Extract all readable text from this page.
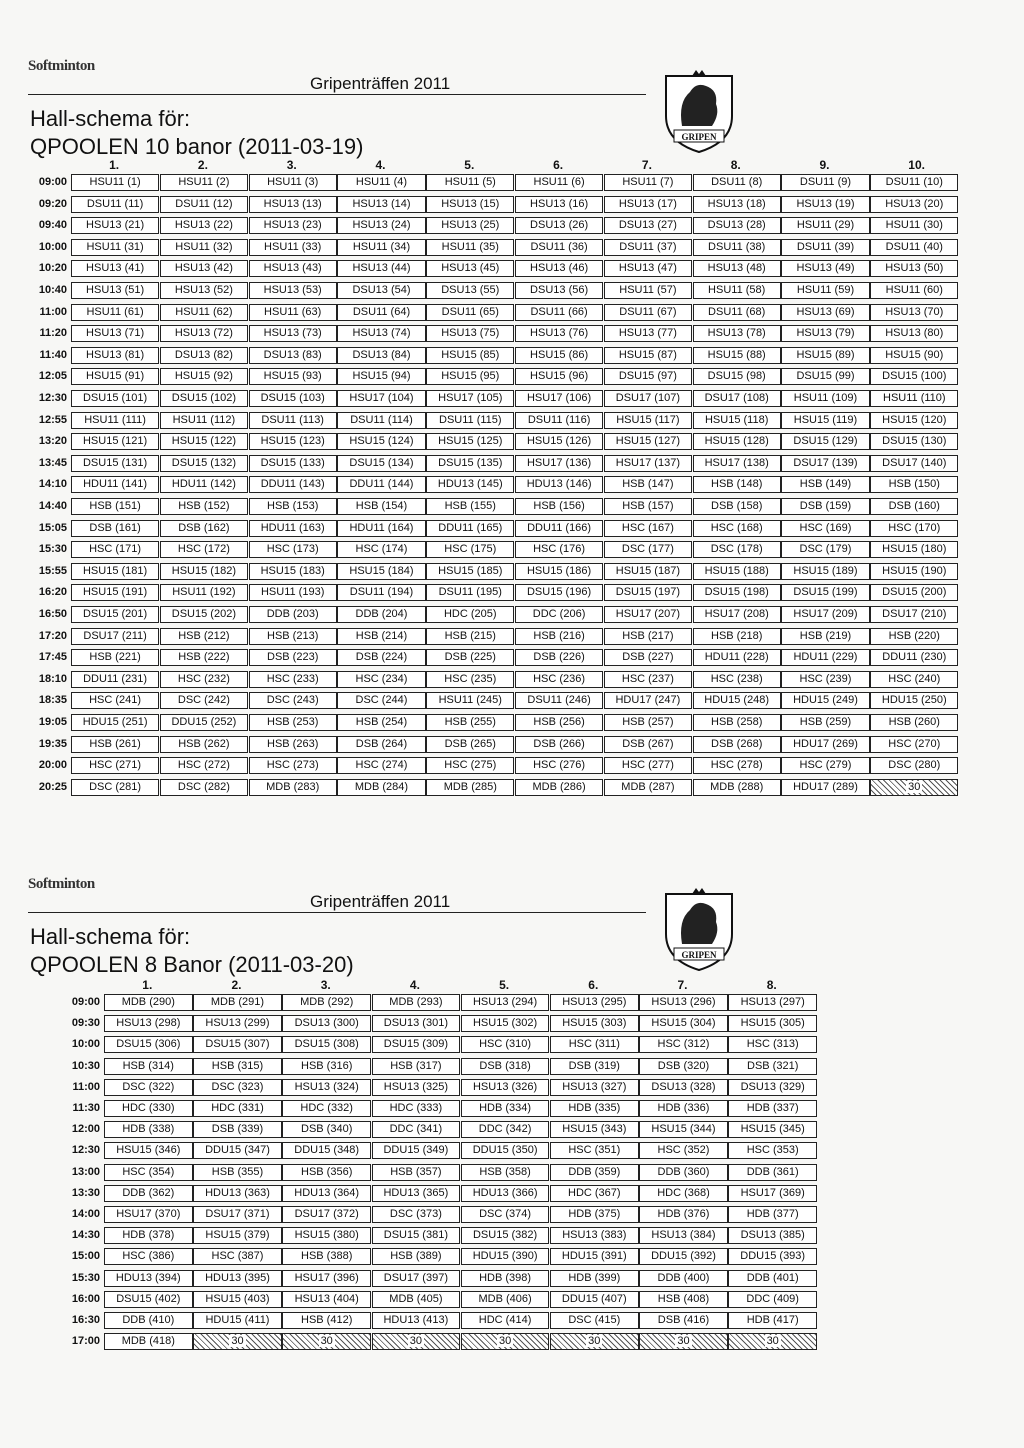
Softminton
Gripenträffen 2011
GRIPEN
Hall-schema för:
QPOOLEN 10 banor (2011-03-19)
1.	2.	3.	4.	5.	6.	7.	8.	9.	10.
09:00	HSU11 (1)	HSU11 (2)	HSU11 (3)	HSU11 (4)	HSU11 (5)	HSU11 (6)	HSU11 (7)	DSU11 (8)	DSU11 (9)	DSU11 (10)
09:20	DSU11 (11)	DSU11 (12)	HSU13 (13)	HSU13 (14)	HSU13 (15)	HSU13 (16)	HSU13 (17)	HSU13 (18)	HSU13 (19)	HSU13 (20)
09:40	HSU13 (21)	HSU13 (22)	HSU13 (23)	HSU13 (24)	HSU13 (25)	DSU13 (26)	DSU13 (27)	DSU13 (28)	HSU11 (29)	HSU11 (30)
10:00	HSU11 (31)	HSU11 (32)	HSU11 (33)	HSU11 (34)	HSU11 (35)	DSU11 (36)	DSU11 (37)	DSU11 (38)	DSU11 (39)	DSU11 (40)
10:20	HSU13 (41)	HSU13 (42)	HSU13 (43)	HSU13 (44)	HSU13 (45)	HSU13 (46)	HSU13 (47)	HSU13 (48)	HSU13 (49)	HSU13 (50)
10:40	HSU13 (51)	HSU13 (52)	HSU13 (53)	DSU13 (54)	DSU13 (55)	DSU13 (56)	HSU11 (57)	HSU11 (58)	HSU11 (59)	HSU11 (60)
11:00	HSU11 (61)	HSU11 (62)	HSU11 (63)	DSU11 (64)	DSU11 (65)	DSU11 (66)	DSU11 (67)	DSU11 (68)	HSU13 (69)	HSU13 (70)
11:20	HSU13 (71)	HSU13 (72)	HSU13 (73)	HSU13 (74)	HSU13 (75)	HSU13 (76)	HSU13 (77)	HSU13 (78)	HSU13 (79)	HSU13 (80)
11:40	HSU13 (81)	DSU13 (82)	DSU13 (83)	DSU13 (84)	HSU15 (85)	HSU15 (86)	HSU15 (87)	HSU15 (88)	HSU15 (89)	HSU15 (90)
12:05	HSU15 (91)	HSU15 (92)	HSU15 (93)	HSU15 (94)	HSU15 (95)	HSU15 (96)	DSU15 (97)	DSU15 (98)	DSU15 (99)	DSU15 (100)
12:30	DSU15 (101)	DSU15 (102)	DSU15 (103)	HSU17 (104)	HSU17 (105)	HSU17 (106)	DSU17 (107)	DSU17 (108)	HSU11 (109)	HSU11 (110)
12:55	HSU11 (111)	HSU11 (112)	DSU11 (113)	DSU11 (114)	DSU11 (115)	DSU11 (116)	HSU15 (117)	HSU15 (118)	HSU15 (119)	HSU15 (120)
13:20	HSU15 (121)	HSU15 (122)	HSU15 (123)	HSU15 (124)	HSU15 (125)	HSU15 (126)	HSU15 (127)	HSU15 (128)	DSU15 (129)	DSU15 (130)
13:45	DSU15 (131)	DSU15 (132)	DSU15 (133)	DSU15 (134)	DSU15 (135)	HSU17 (136)	HSU17 (137)	HSU17 (138)	DSU17 (139)	DSU17 (140)
14:10	HDU11 (141)	HDU11 (142)	DDU11 (143)	DDU11 (144)	HDU13 (145)	HDU13 (146)	HSB (147)	HSB (148)	HSB (149)	HSB (150)
14:40	HSB (151)	HSB (152)	HSB (153)	HSB (154)	HSB (155)	HSB (156)	HSB (157)	DSB (158)	DSB (159)	DSB (160)
15:05	DSB (161)	DSB (162)	HDU11 (163)	HDU11 (164)	DDU11 (165)	DDU11 (166)	HSC (167)	HSC (168)	HSC (169)	HSC (170)
15:30	HSC (171)	HSC (172)	HSC (173)	HSC (174)	HSC (175)	HSC (176)	DSC (177)	DSC (178)	DSC (179)	HSU15 (180)
15:55	HSU15 (181)	HSU15 (182)	HSU15 (183)	HSU15 (184)	HSU15 (185)	HSU15 (186)	HSU15 (187)	HSU15 (188)	HSU15 (189)	HSU15 (190)
16:20	HSU15 (191)	HSU11 (192)	HSU11 (193)	DSU11 (194)	DSU11 (195)	DSU15 (196)	DSU15 (197)	DSU15 (198)	DSU15 (199)	DSU15 (200)
16:50	DSU15 (201)	DSU15 (202)	DDB (203)	DDB (204)	HDC (205)	DDC (206)	HSU17 (207)	HSU17 (208)	HSU17 (209)	DSU17 (210)
17:20	DSU17 (211)	HSB (212)	HSB (213)	HSB (214)	HSB (215)	HSB (216)	HSB (217)	HSB (218)	HSB (219)	HSB (220)
17:45	HSB (221)	HSB (222)	DSB (223)	DSB (224)	DSB (225)	DSB (226)	DSB (227)	HDU11 (228)	HDU11 (229)	DDU11 (230)
18:10	DDU11 (231)	HSC (232)	HSC (233)	HSC (234)	HSC (235)	HSC (236)	HSC (237)	HSC (238)	HSC (239)	HSC (240)
18:35	HSC (241)	DSC (242)	DSC (243)	DSC (244)	HSU11 (245)	DSU11 (246)	HDU17 (247)	HDU15 (248)	HDU15 (249)	HDU15 (250)
19:05	HDU15 (251)	DDU15 (252)	HSB (253)	HSB (254)	HSB (255)	HSB (256)	HSB (257)	HSB (258)	HSB (259)	HSB (260)
19:35	HSB (261)	HSB (262)	HSB (263)	DSB (264)	DSB (265)	DSB (266)	DSB (267)	DSB (268)	HDU17 (269)	HSC (270)
20:00	HSC (271)	HSC (272)	HSC (273)	HSC (274)	HSC (275)	HSC (276)	HSC (277)	HSC (278)	HSC (279)	DSC (280)
20:25	DSC (281)	DSC (282)	MDB (283)	MDB (284)	MDB (285)	MDB (286)	MDB (287)	MDB (288)	HDU17 (289)	30
Softminton
Gripenträffen 2011
GRIPEN
Hall-schema för:
QPOOLEN 8 Banor (2011-03-20)
1.	2.	3.	4.	5.	6.	7.	8.
09:00	MDB (290)	MDB (291)	MDB (292)	MDB (293)	HSU13 (294)	HSU13 (295)	HSU13 (296)	HSU13 (297)
09:30	HSU13 (298)	HSU13 (299)	DSU13 (300)	DSU13 (301)	HSU15 (302)	HSU15 (303)	HSU15 (304)	HSU15 (305)
10:00	DSU15 (306)	DSU15 (307)	DSU15 (308)	DSU15 (309)	HSC (310)	HSC (311)	HSC (312)	HSC (313)
10:30	HSB (314)	HSB (315)	HSB (316)	HSB (317)	DSB (318)	DSB (319)	DSB (320)	DSB (321)
11:00	DSC (322)	DSC (323)	HSU13 (324)	HSU13 (325)	HSU13 (326)	HSU13 (327)	DSU13 (328)	DSU13 (329)
11:30	HDC (330)	HDC (331)	HDC (332)	HDC (333)	HDB (334)	HDB (335)	HDB (336)	HDB (337)
12:00	HDB (338)	DSB (339)	DSB (340)	DDC (341)	DDC (342)	HSU15 (343)	HSU15 (344)	HSU15 (345)
12:30	HSU15 (346)	DDU15 (347)	DDU15 (348)	DDU15 (349)	DDU15 (350)	HSC (351)	HSC (352)	HSC (353)
13:00	HSC (354)	HSB (355)	HSB (356)	HSB (357)	HSB (358)	DDB (359)	DDB (360)	DDB (361)
13:30	DDB (362)	HDU13 (363)	HDU13 (364)	HDU13 (365)	HDU13 (366)	HDC (367)	HDC (368)	HSU17 (369)
14:00	HSU17 (370)	DSU17 (371)	DSU17 (372)	DSC (373)	DSC (374)	HDB (375)	HDB (376)	HDB (377)
14:30	HDB (378)	HSU15 (379)	HSU15 (380)	DSU15 (381)	DSU15 (382)	HSU13 (383)	HSU13 (384)	DSU13 (385)
15:00	HSC (386)	HSC (387)	HSB (388)	HSB (389)	HDU15 (390)	HDU15 (391)	DDU15 (392)	DDU15 (393)
15:30	HDU13 (394)	HDU13 (395)	HSU17 (396)	DSU17 (397)	HDB (398)	HDB (399)	DDB (400)	DDB (401)
16:00	DSU15 (402)	HSU15 (403)	HSU13 (404)	MDB (405)	MDB (406)	DDU15 (407)	HSB (408)	DDC (409)
16:30	DDB (410)	HDU15 (411)	HSB (412)	HDU13 (413)	HDC (414)	DSC (415)	DSB (416)	HDB (417)
17:00	MDB (418)	30	30	30	30	30	30	30
